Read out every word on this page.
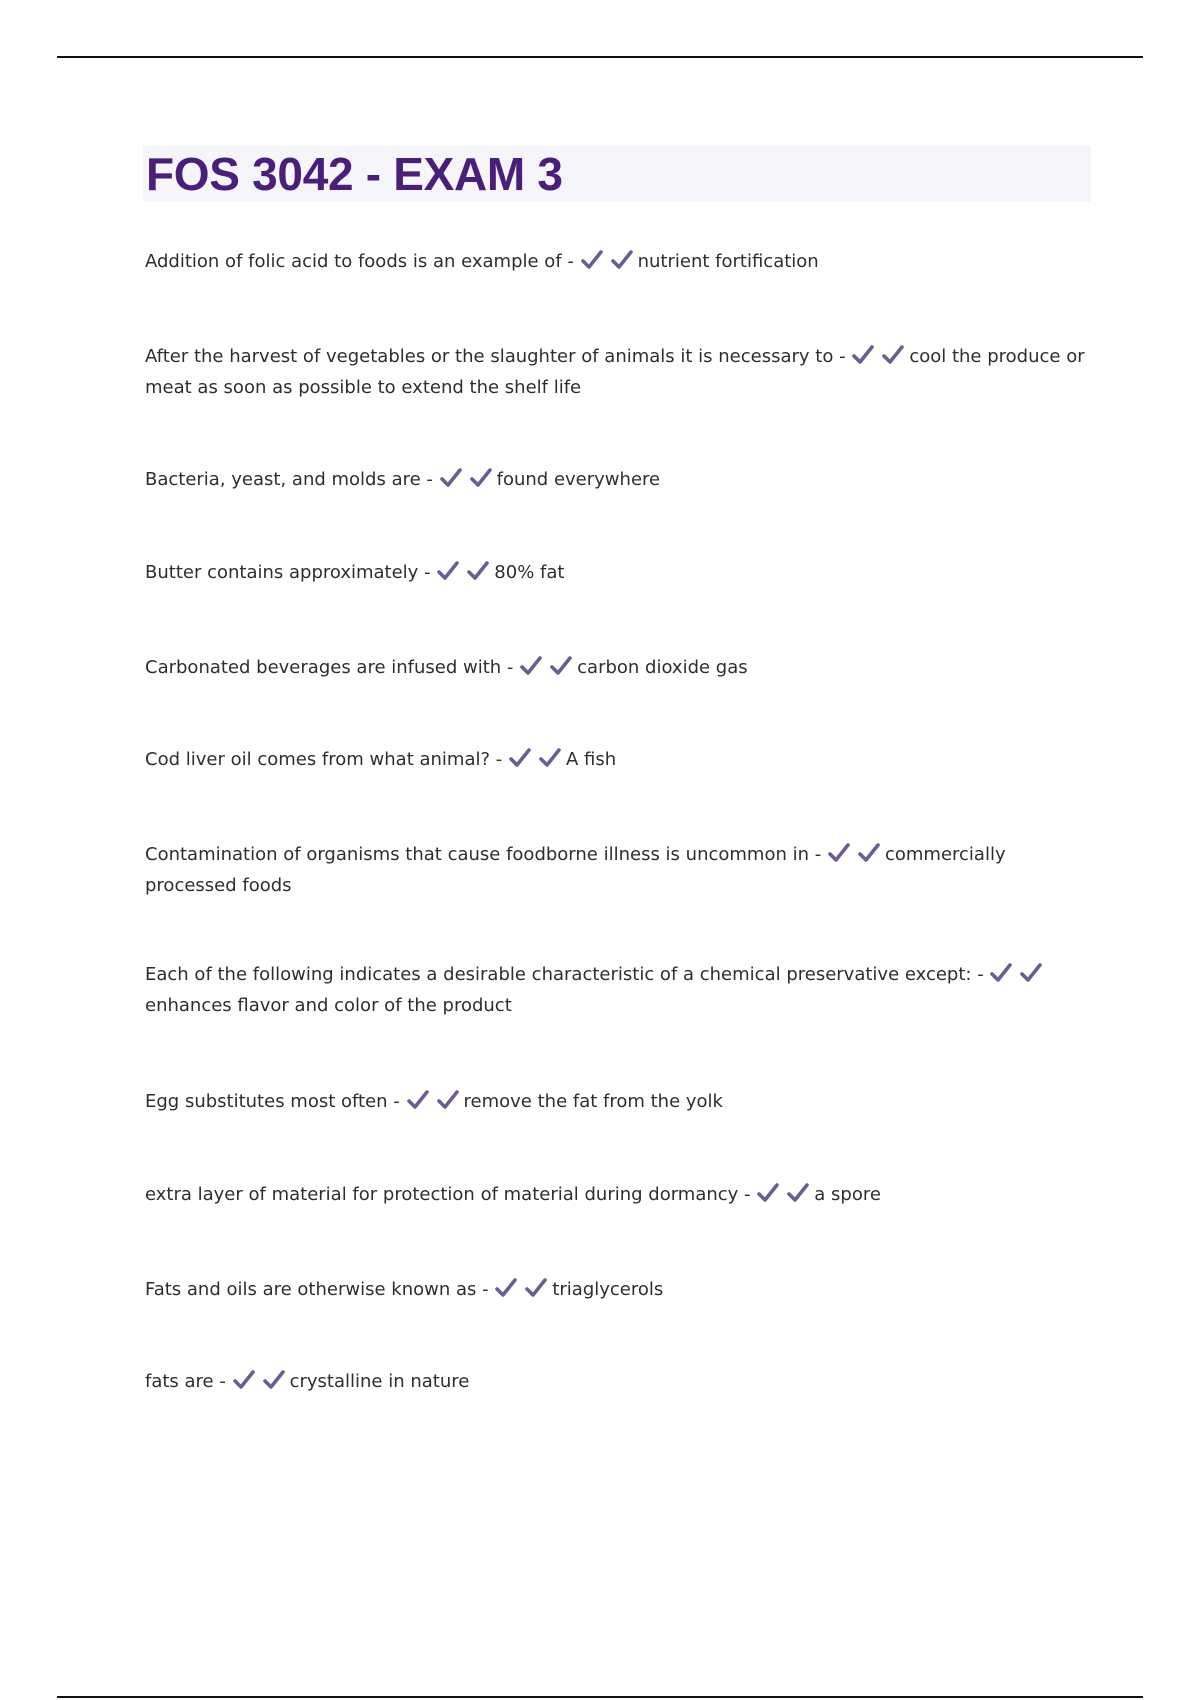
FOS 3042 - EXAM 3

Addition of folic acid to foods is an example of -	nutrient fortification

After the harvest of vegetables or the slaughter of animals it is necessary to -	cool the produce or meat as soon as possible to extend the shelf life

Bacteria, yeast, and molds are -	found everywhere

Butter contains approximately -	80% fat

Carbonated beverages are infused with -	carbon dioxide gas

Cod liver oil comes from what animal? -	A fish

Contamination of organisms that cause foodborne illness is uncommon in -	commercially processed foods

Each of the following indicates a desirable characteristic of a chemical preservative except: - enhances flavor and color of the product

Egg substitutes most often -	remove the fat from the yolk

extra layer of material for protection of material during dormancy -	a spore

Fats and oils are otherwise known as -	triaglycerols

fats are -	crystalline in nature
